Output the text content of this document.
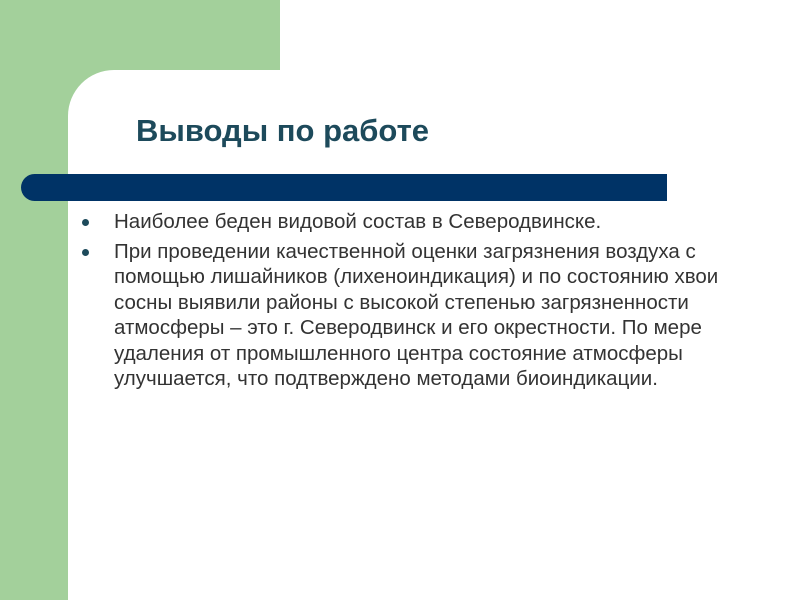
Выводы по работе
Наиболее беден видовой состав в Северодвинске.
При проведении качественной оценки загрязнения воздуха с помощью лишайников (лихеноиндикация) и по состоянию хвои сосны выявили районы с высокой степенью загрязненности атмосферы – это г. Северодвинск и его окрестности. По мере удаления от промышленного центра состояние атмосферы улучшается, что подтверждено методами биоиндикации.
